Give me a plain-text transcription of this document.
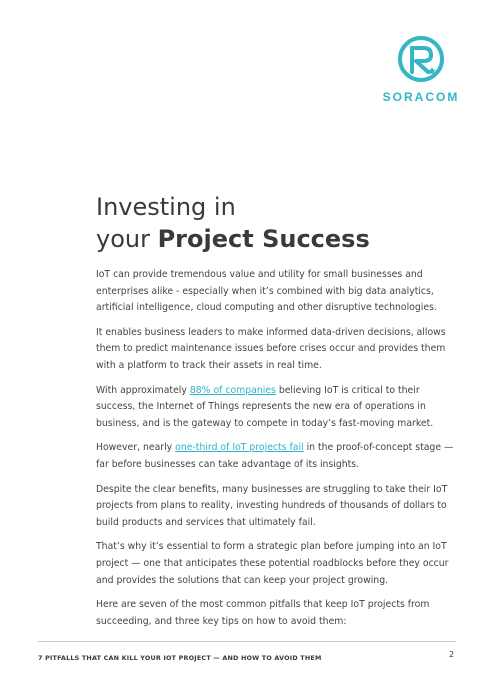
SORACOM
Investing in
your Project Success

IoT can provide tremendous value and utility for small businesses and enterprises alike - especially when it’s combined with big data analytics, artificial intelligence, cloud computing and other disruptive technologies.

It enables business leaders to make informed data-driven decisions, allows them to predict maintenance issues before crises occur and provides them with a platform to track their assets in real time.

With approximately 88% of companies believing IoT is critical to their success, the Internet of Things represents the new era of operations in business, and is the gateway to compete in today’s fast-moving market.

However, nearly one-third of IoT projects fail in the proof-of-concept stage — far before businesses can take advantage of its insights.

Despite the clear benefits, many businesses are struggling to take their IoT projects from plans to reality, investing hundreds of thousands of dollars to build products and services that ultimately fail.

That’s why it’s essential to form a strategic plan before jumping into an IoT project — one that anticipates these potential roadblocks before they occur and provides the solutions that can keep your project growing.

Here are seven of the most common pitfalls that keep IoT projects from succeeding, and three key tips on how to avoid them:

7 PITFALLS THAT CAN KILL YOUR IOT PROJECT — AND HOW TO AVOID THEM	2
